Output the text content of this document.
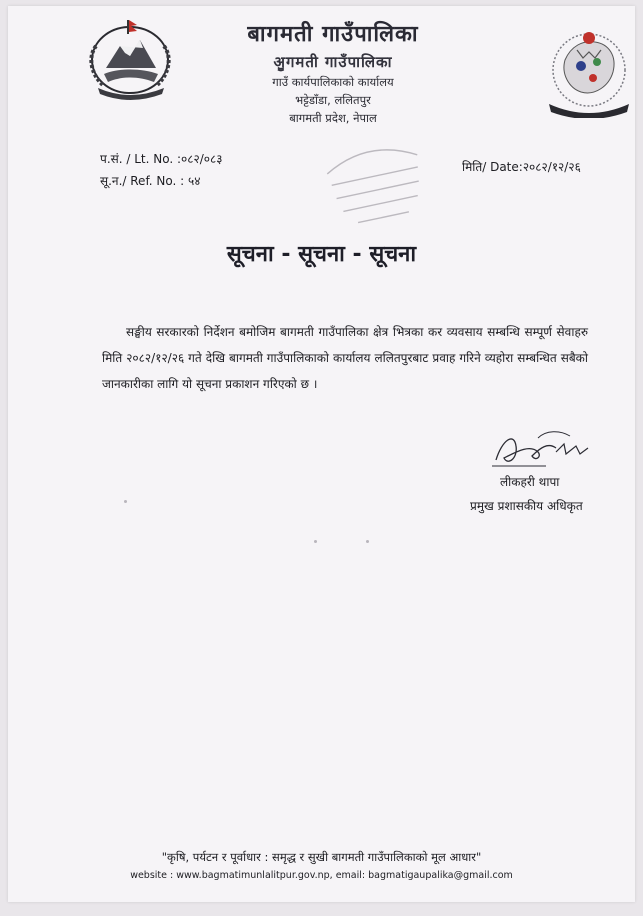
बागमती गाउँपालिका
ॷगमती गाउँपालिका
गाउँ कार्यपालिकाको कार्यालय
भट्टेडाँडा, ललितपुर
बागमती प्रदेश, नेपाल
प.सं. / Lt. No. :०८२/०८३
सू.न./ Ref. No. : ५४
मिति/ Date:२०८२/१२/२६
सूचना - सूचना - सूचना
सङ्घीय सरकारको निर्देशन बमोजिम बागमती गाउँपालिका क्षेत्र भित्रका कर व्यवसाय सम्बन्धि सम्पूर्ण सेवाहरु मिति २०८२/१२/२६ गते देखि बागमती गाउँपालिकाको कार्यालय ललितपुरबाट प्रवाह गरिने व्यहोरा सम्बन्धित सबैको जानकारीका लागि यो सूचना प्रकाशन गरिएको छ ।
लीकहरी थापा
प्रमुख प्रशासकीय अधिकृत
"कृषि, पर्यटन र पूर्वाधार : समृद्ध र सुखी बागमती गाउँपालिकाको मूल आधार"
website : www.bagmatimunlalitpur.gov.np, email: bagmatigaupalika@gmail.com
